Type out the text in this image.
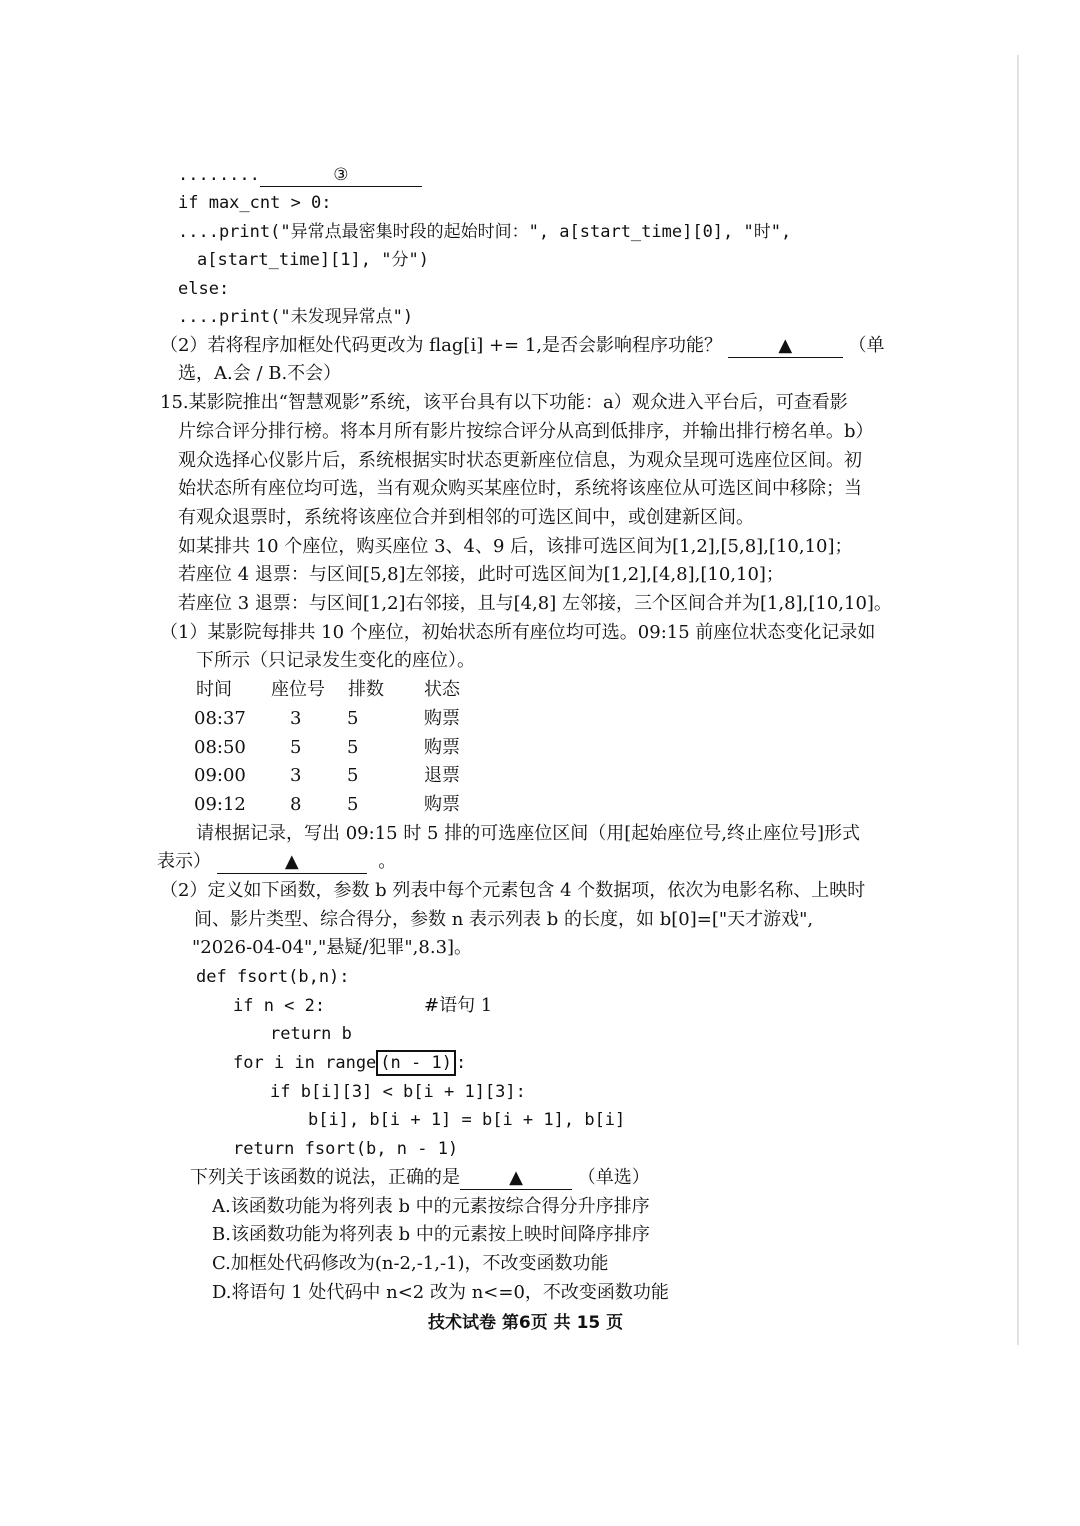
........	③
if max_cnt > 0:
....print("异常点最密集时段的起始时间：", a[start_time][0], "时",
a[start_time][1], "分")
else:
....print("未发现异常点")
（2）若将程序加框处代码更改为 flag[i] += 1,是否会影响程序功能？	▲	（单
选，A.会 / B.不会）
15.某影院推出“智慧观影”系统，该平台具有以下功能：a）观众进入平台后，可查看影
片综合评分排行榜。将本月所有影片按综合评分从高到低排序，并输出排行榜名单。b）
观众选择心仪影片后，系统根据实时状态更新座位信息，为观众呈现可选座位区间。初
始状态所有座位均可选，当有观众购买某座位时，系统将该座位从可选区间中移除；当
有观众退票时，系统将该座位合并到相邻的可选区间中，或创建新区间。
如某排共 10 个座位，购买座位 3、4、9 后，该排可选区间为[1,2],[5,8],[10,10]；
若座位 4 退票：与区间[5,8]左邻接，此时可选区间为[1,2],[4,8],[10,10]；
若座位 3 退票：与区间[1,2]右邻接，且与[4,8] 左邻接，三个区间合并为[1,8],[10,10]。
（1）某影院每排共 10 个座位，初始状态所有座位均可选。09:15 前座位状态变化记录如
下所示（只记录发生变化的座位）。
时间 座位号 排数 状态
08:37 3	5	购票
08:50 5	5	购票
09:00 3	5	退票
09:12 8	5	购票
请根据记录，写出 09:15 时 5 排的可选座位区间（用[起始座位号,终止座位号]形式
表示）	▲	。
（2）定义如下函数，参数 b 列表中每个元素包含 4 个数据项，依次为电影名称、上映时
间、影片类型、综合得分，参数 n 表示列表 b 的长度，如 b[0]=["天才游戏",
"2026-04-04","悬疑/犯罪",8.3]。
def fsort(b,n):
if n < 2:	#语句 1
return b
for i in range (n - 1) :
if b[i][3] < b[i + 1][3]:
b[i], b[i + 1] = b[i + 1], b[i]
return fsort(b, n - 1)
下列关于该函数的说法，正确的是	▲	（单选）
A.该函数功能为将列表 b 中的元素按综合得分升序排序
B.该函数功能为将列表 b 中的元素按上映时间降序排序
C.加框处代码修改为(n-2,-1,-1)，不改变函数功能
D.将语句 1 处代码中 n<2 改为 n<=0，不改变函数功能
技术试卷 第6页 共 15 页
